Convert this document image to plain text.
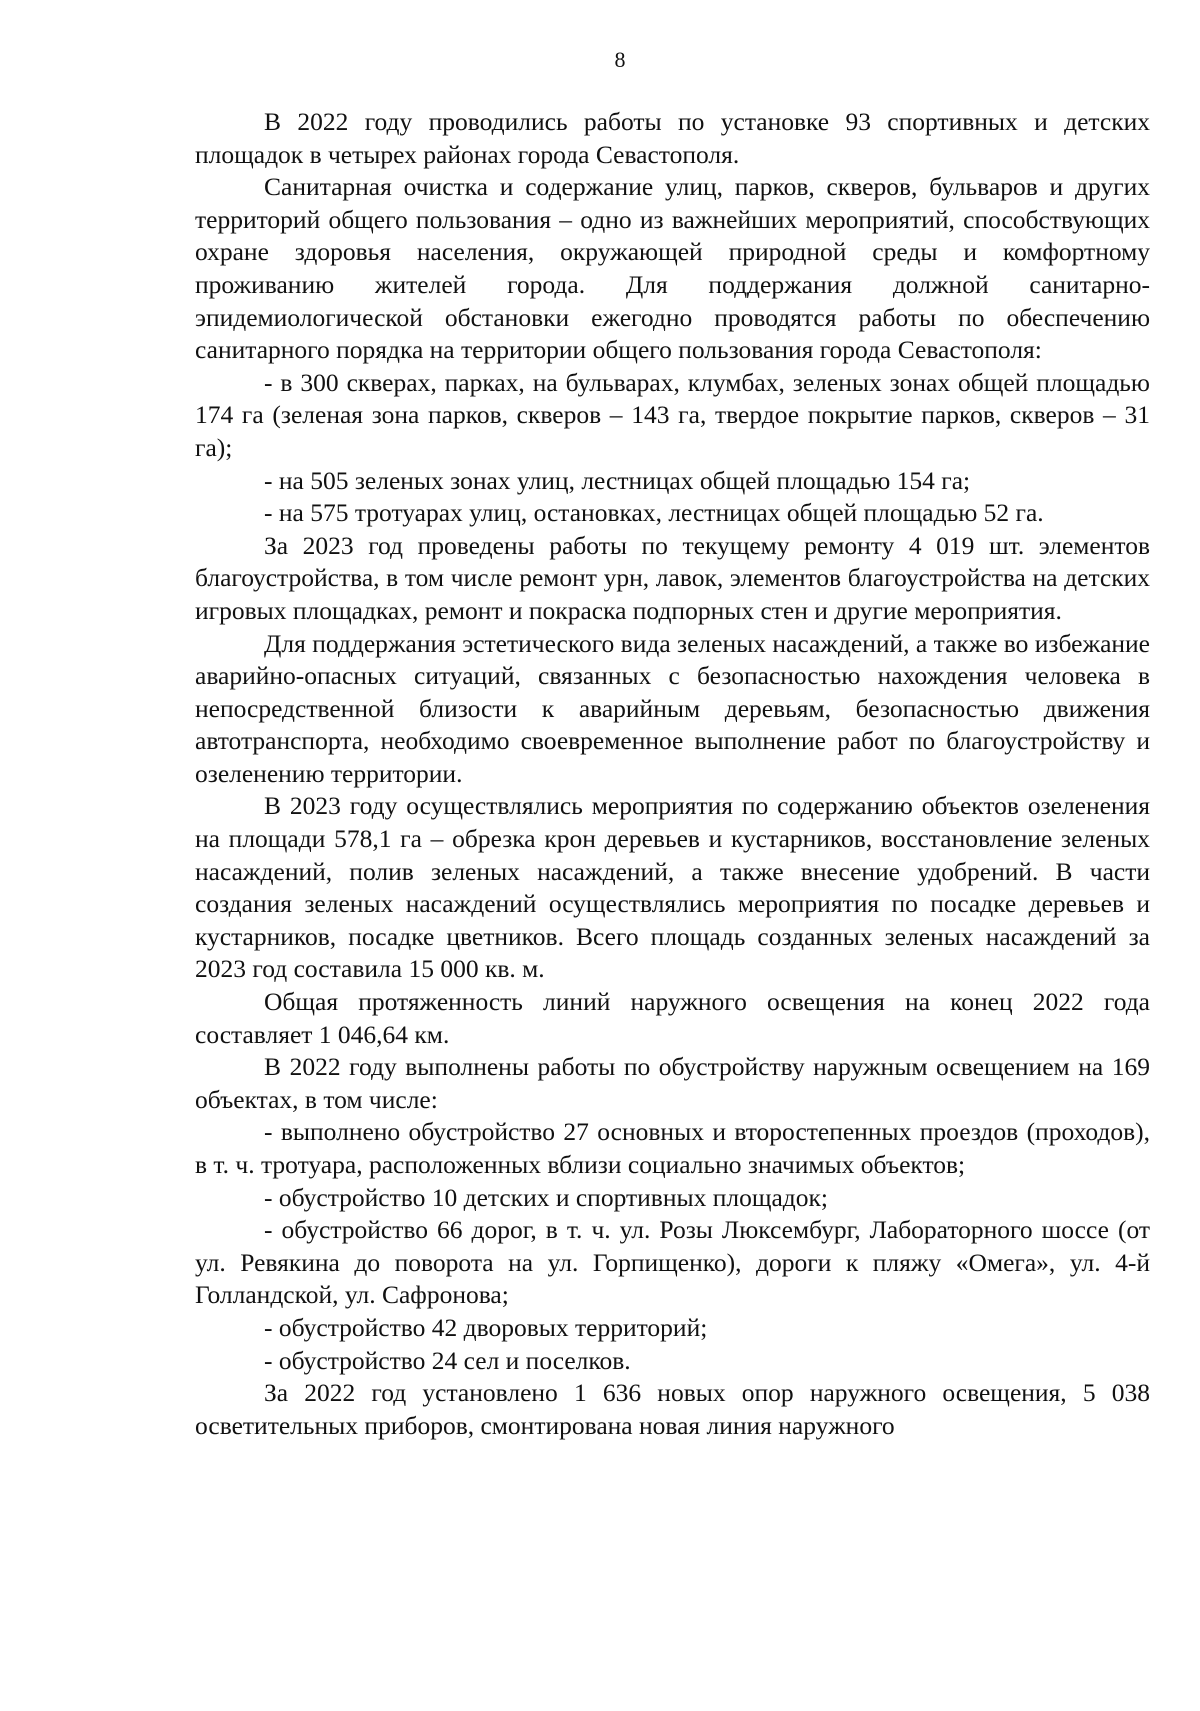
8

В 2022 году проводились работы по установке 93 спортивных и детских площадок в четырех районах города Севастополя.

Санитарная очистка и содержание улиц, парков, скверов, бульваров и других территорий общего пользования – одно из важнейших мероприятий, способствующих охране здоровья населения, окружающей природной среды и комфортному проживанию жителей города. Для поддержания должной санитарно-эпидемиологической обстановки ежегодно проводятся работы по обеспечению санитарного порядка на территории общего пользования города Севастополя:

- в 300 скверах, парках, на бульварах, клумбах, зеленых зонах общей площадью 174 га (зеленая зона парков, скверов – 143 га, твердое покрытие парков, скверов – 31 га);

- на 505 зеленых зонах улиц, лестницах общей площадью 154 га;

- на 575 тротуарах улиц, остановках, лестницах общей площадью 52 га.

За 2023 год проведены работы по текущему ремонту 4 019 шт. элементов благоустройства, в том числе ремонт урн, лавок, элементов благоустройства на детских игровых площадках, ремонт и покраска подпорных стен и другие мероприятия.

Для поддержания эстетического вида зеленых насаждений, а также во избежание аварийно-опасных ситуаций, связанных с безопасностью нахождения человека в непосредственной близости к аварийным деревьям, безопасностью движения автотранспорта, необходимо своевременное выполнение работ по благоустройству и озеленению территории.

В 2023 году осуществлялись мероприятия по содержанию объектов озеленения на площади 578,1 га – обрезка крон деревьев и кустарников, восстановление зеленых насаждений, полив зеленых насаждений, а также внесение удобрений. В части создания зеленых насаждений осуществлялись мероприятия по посадке деревьев и кустарников, посадке цветников. Всего площадь созданных зеленых насаждений за 2023 год составила 15 000 кв. м.

Общая протяженность линий наружного освещения на конец 2022 года составляет 1 046,64 км.

В 2022 году выполнены работы по обустройству наружным освещением на 169 объектах, в том числе:

- выполнено обустройство 27 основных и второстепенных проездов (проходов), в т. ч. тротуара, расположенных вблизи социально значимых объектов;

- обустройство 10 детских и спортивных площадок;

- обустройство 66 дорог, в т. ч. ул. Розы Люксембург, Лабораторного шоссе (от ул. Ревякина до поворота на ул. Горпищенко), дороги к пляжу «Омега», ул. 4-й Голландской, ул. Сафронова;

- обустройство 42 дворовых территорий;

- обустройство 24 сел и поселков.

За 2022 год установлено 1 636 новых опор наружного освещения, 5 038 осветительных приборов, смонтирована новая линия наружного
